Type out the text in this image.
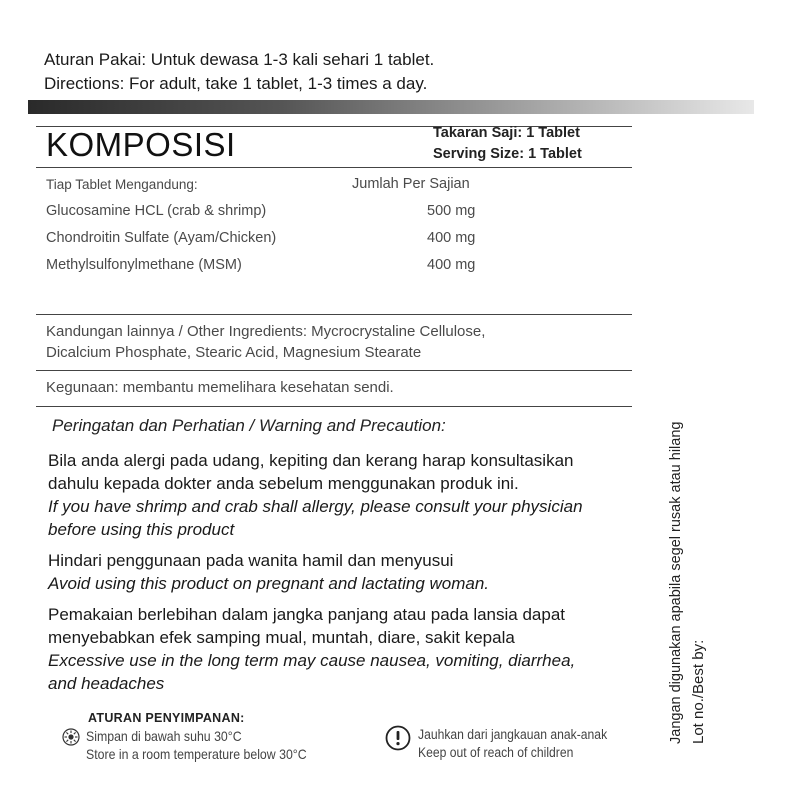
Aturan Pakai: Untuk dewasa 1-3 kali sehari 1 tablet.
Directions: For adult, take 1 tablet, 1-3 times a day.
KOMPOSISI	Takaran Saji: 1 Tablet
Serving Size: 1 Tablet
Tiap Tablet Mengandung:	Jumlah Per Sajian
Glucosamine HCL (crab & shrimp)	500 mg
Chondroitin Sulfate (Ayam/Chicken)	400 mg
Methylsulfonylmethane (MSM)	400 mg
Kandungan lainnya / Other Ingredients: Mycrocrystaline Cellulose,
Dicalcium Phosphate, Stearic Acid, Magnesium Stearate
Kegunaan: membantu memelihara kesehatan sendi.
Peringatan dan Perhatian / Warning and Precaution:
Bila anda alergi pada udang, kepiting dan kerang harap konsultasikan
dahulu kepada dokter anda sebelum menggunakan produk ini.
If you have shrimp and crab shall allergy, please consult your physician
before using this product
Hindari penggunaan pada wanita hamil dan menyusui
Avoid using this product on pregnant and lactating woman.
Pemakaian berlebihan dalam jangka panjang atau pada lansia dapat
menyebabkan efek samping mual, muntah, diare, sakit kepala
Excessive use in the long term may cause nausea, vomiting, diarrhea,
and headaches
ATURAN PENYIMPANAN:
Simpan di bawah suhu 30°C
Store in a room temperature below 30°C
Jauhkan dari jangkauan anak-anak
Keep out of reach of children
Jangan digunakan apabila segel rusak atau hilang Lot no./Best by:
